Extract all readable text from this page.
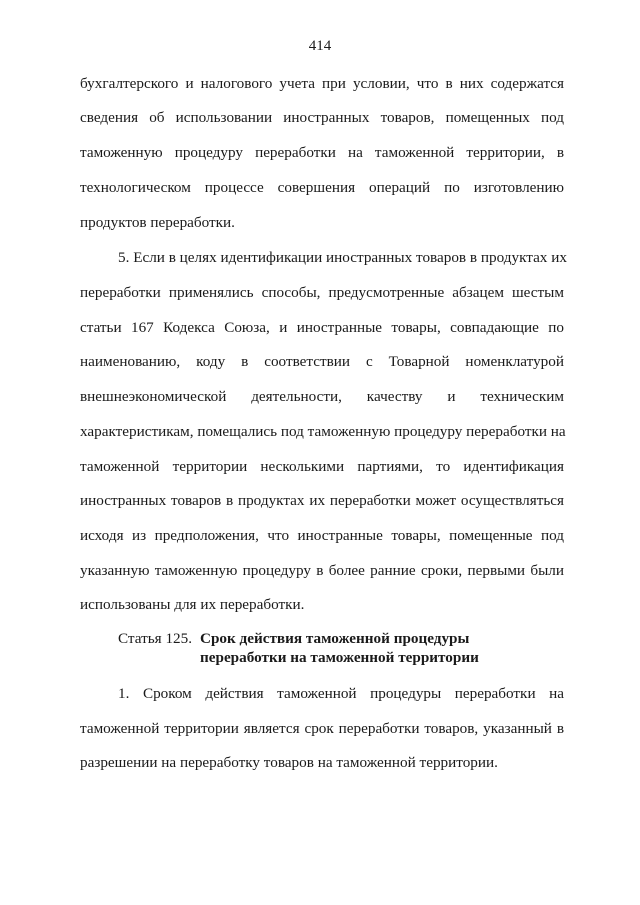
414
бухгалтерского и налогового учета при условии, что в них содержатся
сведения об использовании иностранных товаров, помещенных под
таможенную процедуру переработки на таможенной территории, в
технологическом процессе совершения операций по изготовлению
продуктов переработки.
5. Если в целях идентификации иностранных товаров в продуктах их
переработки применялись способы, предусмотренные абзацем шестым
статьи 167 Кодекса Союза, и иностранные товары, совпадающие по
наименованию, коду в соответствии с Товарной номенклатурой
внешнеэкономической деятельности, качеству и техническим
характеристикам, помещались под таможенную процедуру переработки на
таможенной территории несколькими партиями, то идентификация
иностранных товаров в продуктах их переработки может осуществляться
исходя из предположения, что иностранные товары, помещенные под
указанную таможенную процедуру в более ранние сроки, первыми были
использованы для их переработки.
Статья 125. Срок действия таможенной процедуры
переработки на таможенной территории
1. Сроком действия таможенной процедуры переработки на
таможенной территории является срок переработки товаров, указанный в
разрешении на переработку товаров на таможенной территории.
